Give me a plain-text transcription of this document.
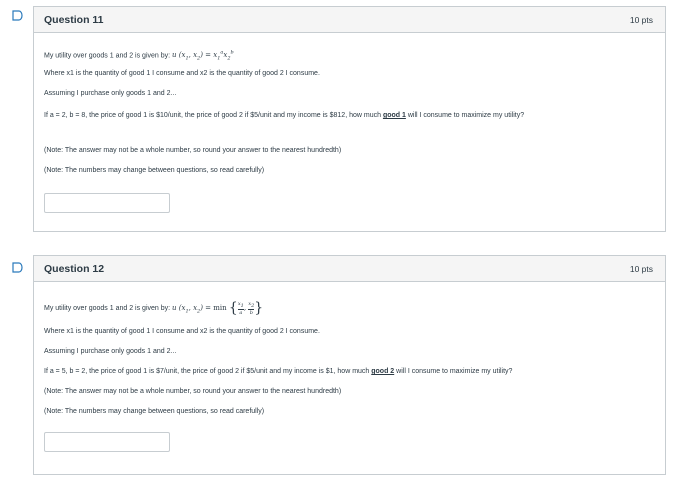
Question 11	10 pts
My utility over goods 1 and 2 is given by: u ($x_1$, $x_2) = x_1^ax_2^b$
Where x1 is the quantity of good 1 I consume and x2 is the quantity of good 2 I consume.
Assuming I purchase only goods 1 and 2...
If a = 2, b = 8, the price of good 1 is $10/unit, the price of good 2 if $5/unit and my income is $812, how much good 1 will I consume to maximize my utility?
(Note: The answer may not be a whole number, so round your answer to the nearest hundredth)
(Note: The numbers may change between questions, so read carefully)
Question 12	10 pts
My utility over goods 1 and 2 is given by: u ($x_1$, $x_2) = \min$ { $\frac{x_1}{a}$ , $\frac{x_2}{b}$ }
Where x1 is the quantity of good 1 I consume and x2 is the quantity of good 2 I consume.
Assuming I purchase only goods 1 and 2...
If a = 5, b = 2, the price of good 1 is $7/unit, the price of good 2 if $5/unit and my income is $1, how much good 2 will I consume to maximize my utility?
(Note: The answer may not be a whole number, so round your answer to the nearest hundredth)
(Note: The numbers may change between questions, so read carefully)
